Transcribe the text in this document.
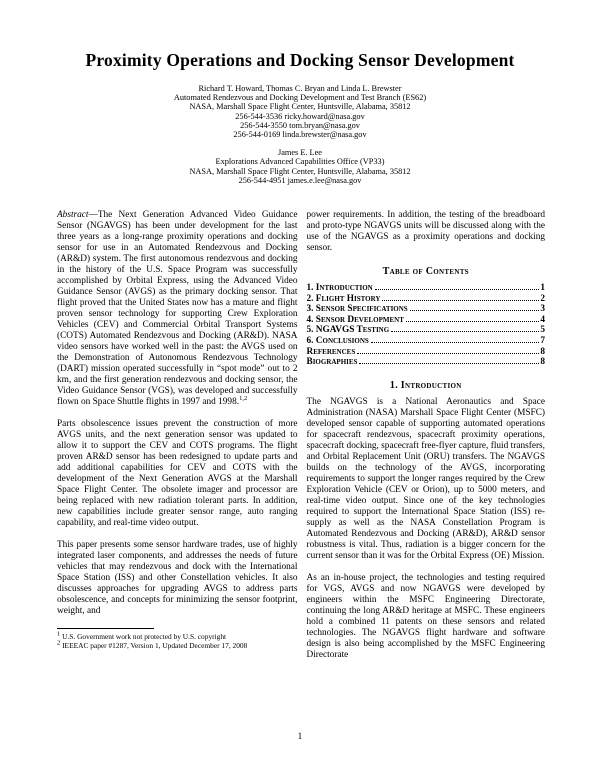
Proximity Operations and Docking Sensor Development
Richard T. Howard, Thomas C. Bryan and Linda L. Brewster
Automated Rendezvous and Docking Development and Test Branch (ES62)
NASA, Marshall Space Flight Center, Huntsville, Alabama, 35812
256-544-3536 ricky.howard@nasa.gov
256-544-3550 tom.bryan@nasa.gov
256-544-0169 linda.brewster@nasa.gov
James E. Lee
Explorations Advanced Capabilities Office (VP33)
NASA, Marshall Space Flight Center, Huntsville, Alabama, 35812
256-544-4951 james.e.lee@nasa.gov

Abstract—The Next Generation Advanced Video Guidance Sensor (NGAVGS) has been under development for the last three years as a long-range proximity operations and docking sensor for use in an Automated Rendezvous and Docking (AR&D) system. The first autonomous rendezvous and docking in the history of the U.S. Space Program was successfully accomplished by Orbital Express, using the Advanced Video Guidance Sensor (AVGS) as the primary docking sensor. That flight proved that the United States now has a mature and flight proven sensor technology for supporting Crew Exploration Vehicles (CEV) and Commercial Orbital Transport Systems (COTS) Automated Rendezvous and Docking (AR&D). NASA video sensors have worked well in the past: the AVGS used on the Demonstration of Autonomous Rendezvous Technology (DART) mission operated successfully in “spot mode” out to 2 km, and the first generation rendezvous and docking sensor, the Video Guidance Sensor (VGS), was developed and successfully flown on Space Shuttle flights in 1997 and 1998.$^{1,2}$

Parts obsolescence issues prevent the construction of more AVGS units, and the next generation sensor was updated to allow it to support the CEV and COTS programs. The flight proven AR&D sensor has been redesigned to update parts and add additional capabilities for CEV and COTS with the development of the Next Generation AVGS at the Marshall Space Flight Center. The obsolete imager and processor are being replaced with new radiation tolerant parts. In addition, new capabilities include greater sensor range, auto ranging capability, and real-time video output.

This paper presents some sensor hardware trades, use of highly integrated laser components, and addresses the needs of future vehicles that may rendezvous and dock with the International Space Station (ISS) and other Constellation vehicles. It also discusses approaches for upgrading AVGS to address parts obsolescence, and concepts for minimizing the sensor footprint, weight, and

$^1$ U.S. Government work not protected by U.S. copyright
$^2$ IEEEAC paper #1287, Version 1, Updated December 17, 2008

power requirements. In addition, the testing of the breadboard and proto-type NGAVGS units will be discussed along with the use of the NGAVGS as a proximity operations and docking sensor.

Table of Contents
1. Introduction	1
2. Flight History	2
3. Sensor Specifications	3
4. Sensor Development	4
5. NGAVGS Testing	5
6. Conclusions	7
References	8
Biographies	8
1. Introduction

The NGAVGS is a National Aeronautics and Space Administration (NASA) Marshall Space Flight Center (MSFC) developed sensor capable of supporting automated operations for spacecraft rendezvous, spacecraft proximity operations, spacecraft docking, spacecraft free-flyer capture, fluid transfers, and Orbital Replacement Unit (ORU) transfers. The NGAVGS builds on the technology of the AVGS, incorporating requirements to support the longer ranges required by the Crew Exploration Vehicle (CEV or Orion), up to 5000 meters, and real-time video output. Since one of the key technologies required to support the International Space Station (ISS) re-supply as well as the NASA Constellation Program is Automated Rendezvous and Docking (AR&D), AR&D sensor robustness is vital. Thus, radiation is a bigger concern for the current sensor than it was for the Orbital Express (OE) Mission.

As an in-house project, the technologies and testing required for VGS, AVGS and now NGAVGS were developed by engineers within the MSFC Engineering Directorate, continuing the long AR&D heritage at MSFC. These engineers hold a combined 11 patents on these sensors and related technologies. The NGAVGS flight hardware and software design is also being accomplished by the MSFC Engineering Directorate

1
